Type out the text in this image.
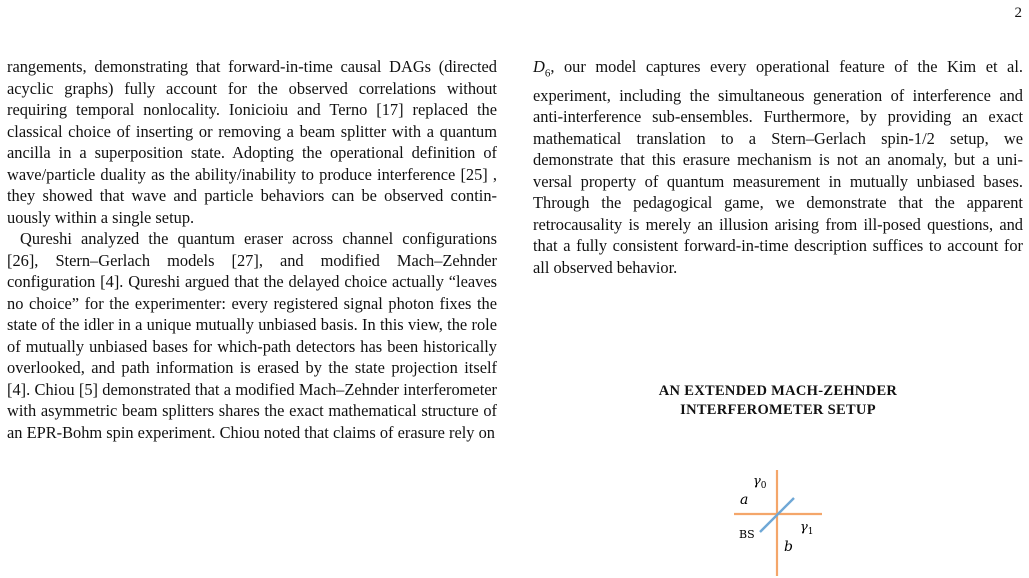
2

rangements, demonstrating that forward-in-time causal DAGs (directed acyclic graphs) fully account for the observed correlations without requiring temporal nonlocality. Ionicioiu and Terno [17] replaced the classical choice of inserting or removing a beam splitter with a quantum ancilla in a superposition state. Adopting the operational definition of wave/particle duality as the ability/inability to produce interference [25] , they showed that wave and particle behaviors can be observed continuously within a single setup.

Qureshi analyzed the quantum eraser across channel configurations [26], Stern–Gerlach models [27], and modified Mach–Zehnder configuration [4]. Qureshi argued that the delayed choice actually “leaves no choice” for the experimenter: every registered signal photon fixes the state of the idler in a unique mutually unbiased basis. In this view, the role of mutually unbiased bases for which-path detectors has been historically overlooked, and path information is erased by the state projection itself [4]. Chiou [5] demonstrated that a modified Mach–Zehnder interferometer with asymmetric beam splitters shares the exact mathematical structure of an EPR-Bohm spin experiment. Chiou noted that claims of erasure rely on

$D_6$, our model captures every operational feature of the Kim et al. experiment, including the simultaneous generation of interference and anti-interference sub-ensembles. Furthermore, by providing an exact mathematical translation to a Stern–Gerlach spin-1/2 setup, we demonstrate that this erasure mechanism is not an anomaly, but a universal property of quantum measurement in mutually unbiased bases. Through the pedagogical game, we demonstrate that the apparent retrocausality is merely an illusion arising from ill-posed questions, and that a fully consistent forward-in-time description suffices to account for all observed behavior.

AN EXTENDED MACH-ZEHNDER
INTERFEROMETER SETUP
$\gamma_0$
a
$\gamma_1$
BS
b
